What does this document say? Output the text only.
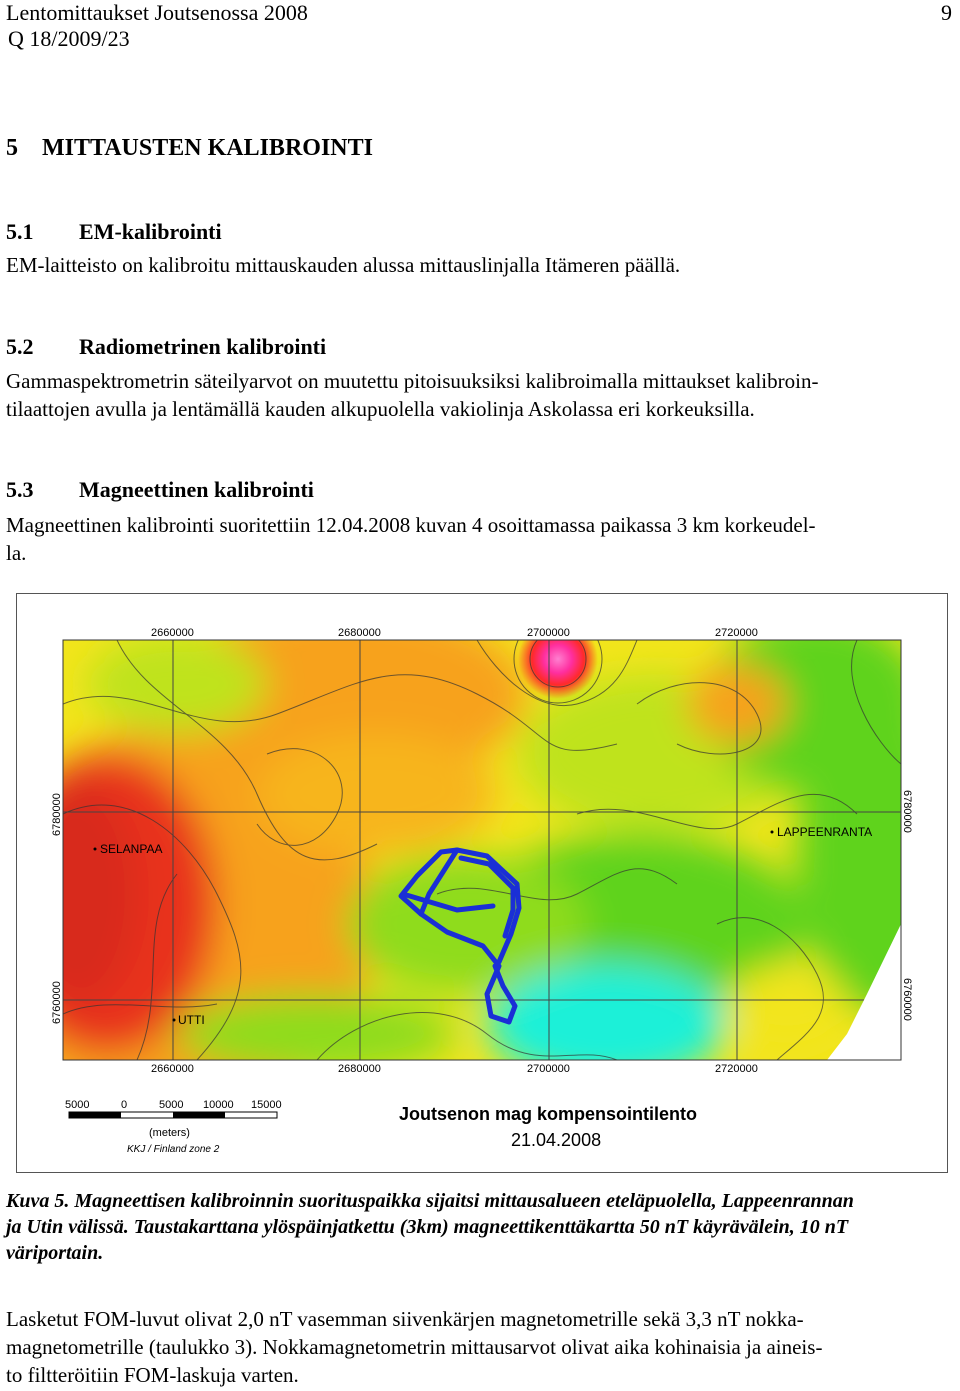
Lentomittaukset Joutsenossa 2008
Q 18/2009/23
9
5 MITTAUSTEN KALIBROINTI
5.1 EM-kalibrointi
EM-laitteisto on kalibroitu mittauskauden alussa mittauslinjalla Itämeren päällä.
5.2 Radiometrinen kalibrointi
Gammaspektrometrin säteilyarvot on muutettu pitoisuuksiksi kalibroimalla mittaukset kalibroin-
tilaattojen avulla ja lentämällä kauden alkupuolella vakiolinja Askolassa eri korkeuksilla.
5.3 Magneettinen kalibrointi
Magneettinen kalibrointi suoritettiin 12.04.2008 kuvan 4 osoittamassa paikassa 3 km korkeudel-
la.
2660000	2680000	2700000	2720000
2660000	2680000	2700000	2720000
6780000
6760000
6780000
6760000
SELANPAA
LAPPEENRANTA
UTTI
5000	0	5000 10000 15000
(meters)
KKJ / Finland zone 2
Joutsenon mag kompensointilento
21.04.2008
Kuva 5. Magneettisen kalibroinnin suorituspaikka sijaitsi mittausalueen eteläpuolella, Lappeenrannan
ja Utin välissä. Taustakarttana ylöspäinjatkettu (3km) magneettikenttäkartta 50 nT käyrävälein, 10 nT
väriportain.
Lasketut FOM-luvut olivat 2,0 nT vasemman siivenkärjen magnetometrille sekä 3,3 nT nokka-
magnetometrille (taulukko 3). Nokkamagnetometrin mittausarvot olivat aika kohinaisia ja aineis-
to filtteröitiin FOM-laskuja varten.
